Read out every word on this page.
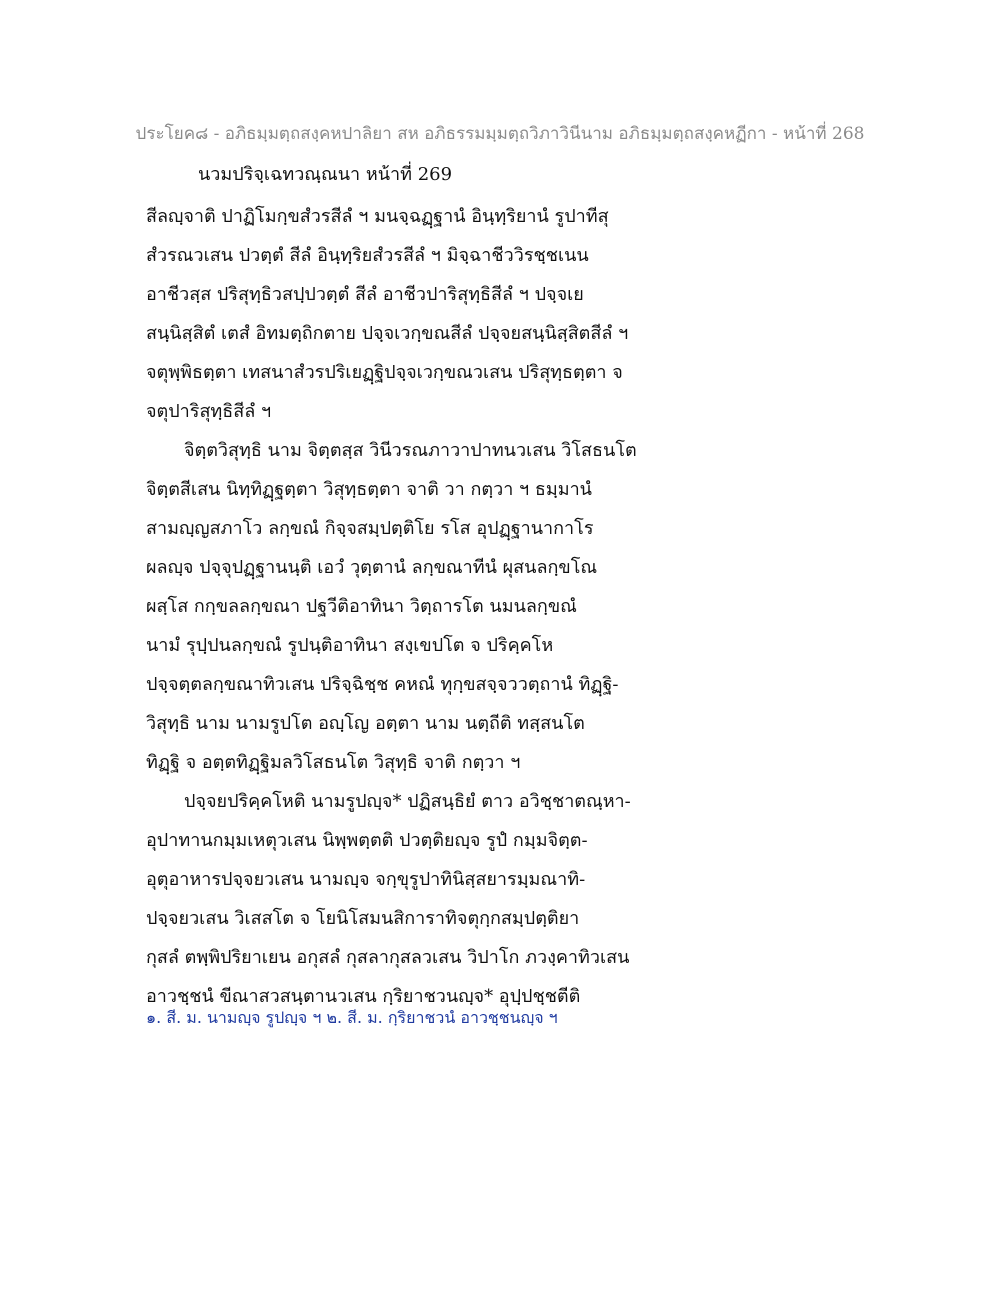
ประโยค๘ - อภิธมฺมตฺถสงฺคหปาลิยา สห อภิธรรมมฺมตฺถวิภาวินีนาม อภิธมฺมตฺถสงฺคหฏีกา - หน้าที่ 268
นวมปริจฺเฉทวณฺณนา หน้าที่ 269
สีลญฺจาติ ปาฏิโมกฺขสํวรสีลํ ฯ มนจฺฉฏฺฐานํ อินฺทฺริยานํ รูปาทีสุ
สํวรณวเสน ปวตฺตํ สีลํ อินฺทฺริยสํวรสีลํ ฯ มิจฺฉาชีววิรชฺชเนน
อาชีวสฺส ปริสุทฺธิวสปฺปวตฺตํ สีลํ อาชีวปาริสุทฺธิสีลํ ฯ ปจฺจเย
สนฺนิสฺสิตํ เตสํ อิทมตฺถิกตาย ปจฺจเวกฺขณสีลํ ปจฺจยสนฺนิสฺสิตสีลํ ฯ
จตุพฺพิธตฺตา เทสนาสํวรปริเยฏฺฐิปจฺจเวกฺขณวเสน ปริสุทฺธตฺตา จ
จตุปาริสุทฺธิสีลํ ฯ
จิตฺตวิสุทฺธิ นาม จิตฺตสฺส วินีวรณภาวาปาทนวเสน วิโสธนโต
จิตฺตสีเสน นิทฺทิฏฺฐตฺตา วิสุทฺธตฺตา จาติ วา กตฺวา ฯ ธมฺมานํ
สามญฺญสภาโว ลกฺขณํ กิจฺจสมฺปตฺติโย รโส อุปฏฺฐานากาโร
ผลญฺจ ปจฺจุปฏฺฐานนฺติ เอวํ วุตฺตานํ ลกฺขณาทีนํ ผุสนลกฺขโณ
ผสฺโส กกฺขลลกฺขณา ปฐวีติอาทินา วิตฺถารโต นมนลกฺขณํ
นามํ รุปฺปนลกฺขณํ รูปนฺติอาทินา สงฺเขปโต จ ปริคฺคโห
ปจฺจตฺตลกฺขณาทิวเสน ปริจฺฉิชฺช คหณํ ทุกฺขสจฺจววตฺถานํ ทิฏฺฐิ-
วิสุทฺธิ นาม นามรูปโต อญฺโญ อตฺตา นาม นตฺถีติ ทสฺสนโต
ทิฏฺฐิ จ อตฺตทิฏฺฐิมลวิโสธนโต วิสุทฺธิ จาติ กตฺวา ฯ
ปจฺจยปริคฺคโหติ นามรูปญฺจ* ปฏิสนฺธิยํ ตาว อวิชฺชาตณฺหา-
อุปาทานกมฺมเหตุวเสน นิพฺพตฺตติ ปวตฺติยญฺจ รูปํ กมฺมจิตฺต-
อุตุอาหารปจฺจยวเสน นามญฺจ จกฺขุรูปาทินิสฺสยารมฺมณาทิ-
ปจฺจยวเสน วิเสสโต จ โยนิโสมนสิการาทิจตุกฺกสมฺปตฺติยา
กุสลํ ตพฺพิปริยาเยน อกุสลํ กุสลากุสลวเสน วิปาโก ภวงฺคาทิวเสน
อาวชฺชนํ ขีณาสวสนฺตานวเสน กฺริยาชวนญฺจ* อุปฺปชฺชตีติ
๑. สี. ม. นามญฺจ รูปญฺจ ฯ ๒. สี. ม. กฺริยาชวนํ อาวชฺชนญฺจ ฯ
